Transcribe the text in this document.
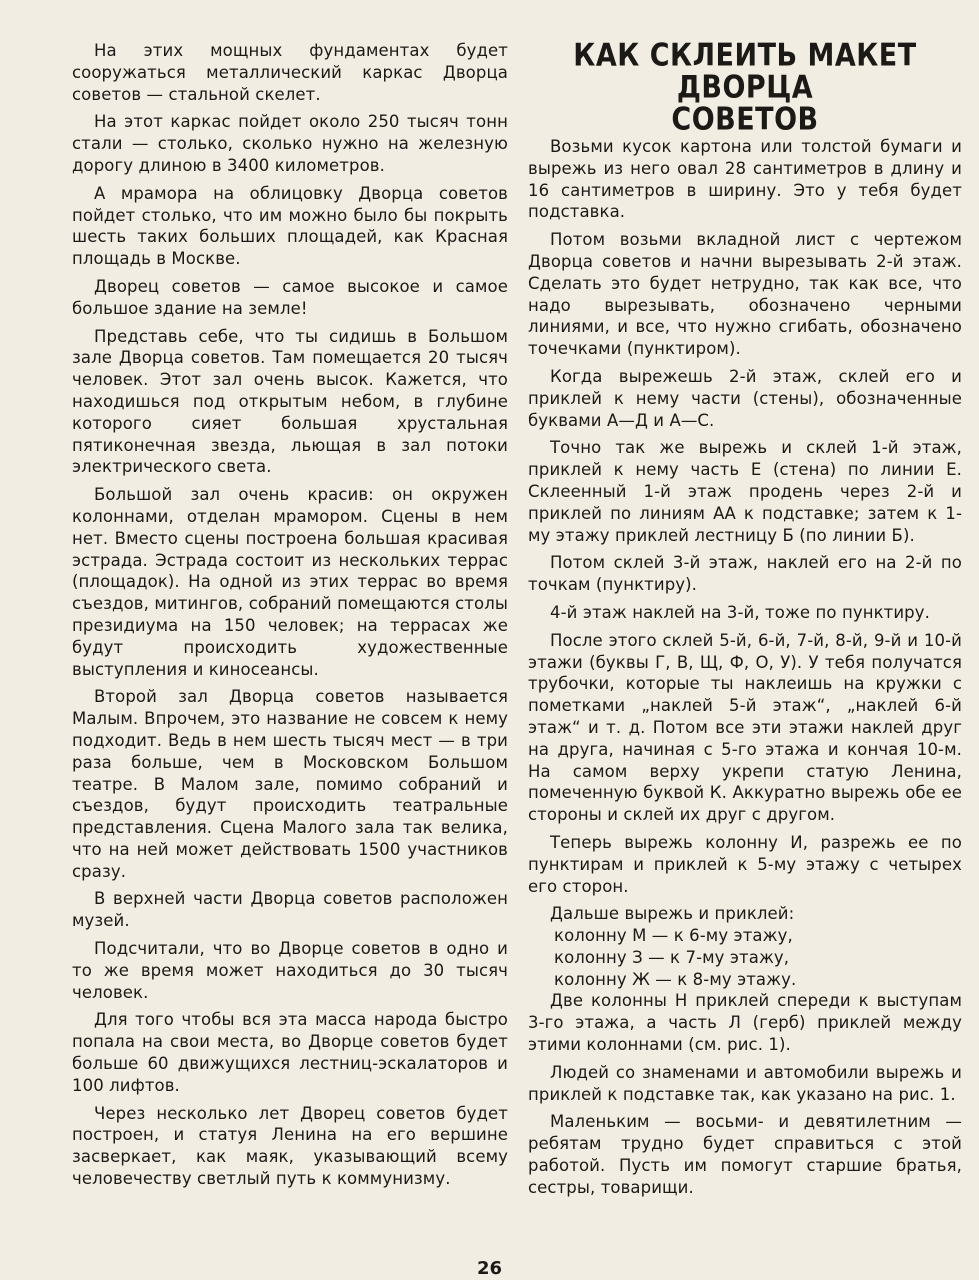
На этих мощных фундаментах будет сооружаться металлический каркас Дворца советов — стальной скелет.

На этот каркас пойдет около 250 тысяч тонн стали — столько, сколько нужно на железную дорогу длиною в 3400 километров.

А мрамора на облицовку Дворца советов пойдет столько, что им можно было бы покрыть шесть таких больших площадей, как Красная площадь в Москве.

Дворец советов — самое высокое и самое большое здание на земле!

Представь себе, что ты сидишь в Большом зале Дворца советов. Там помещается 20 тысяч человек. Этот зал очень высок. Кажется, что находишься под открытым небом, в глубине которого сияет большая хрустальная пятиконечная звезда, льющая в зал потоки электрического света.

Большой зал очень красив: он окружен колоннами, отделан мрамором. Сцены в нем нет. Вместо сцены построена большая красивая эстрада. Эстрада состоит из нескольких террас (площадок). На одной из этих террас во время съездов, митингов, собраний помещаются столы президиума на 150 человек; на террасах же будут происходить художественные выступления и киносеансы.

Второй зал Дворца советов называется Малым. Впрочем, это название не совсем к нему подходит. Ведь в нем шесть тысяч мест — в три раза больше, чем в Московском Большом театре. В Малом зале, помимо собраний и съездов, будут происходить театральные представления. Сцена Малого зала так велика, что на ней может действовать 1500 участников сразу.

В верхней части Дворца советов расположен музей.

Подсчитали, что во Дворце советов в одно и то же время может находиться до 30 тысяч человек.

Для того чтобы вся эта масса народа быстро попала на свои места, во Дворце советов будет больше 60 движущихся лестниц-эскалаторов и 100 лифтов.

Через несколько лет Дворец советов будет построен, и статуя Ленина на его вершине засверкает, как маяк, указывающий всему человечеству светлый путь к коммунизму.

КАК СКЛЕИТЬ МАКЕТ ДВОРЦА
СОВЕТОВ

Возьми кусок картона или толстой бумаги и вырежь из него овал 28 сантиметров в длину и 16 сантиметров в ширину. Это у тебя будет подставка.

Потом возьми вкладной лист с чертежом Дворца советов и начни вырезывать 2-й этаж. Сделать это будет нетрудно, так как все, что надо вырезывать, обозначено черными линиями, и все, что нужно сгибать, обозначено точечками (пунктиром).

Когда вырежешь 2-й этаж, склей его и приклей к нему части (стены), обозначенные буквами А—Д и А—С.

Точно так же вырежь и склей 1-й этаж, приклей к нему часть Е (стена) по линии Е. Склеенный 1-й этаж продень через 2-й и приклей по линиям АА к подставке; затем к 1-му этажу приклей лестницу Б (по линии Б).

Потом склей 3-й этаж, наклей его на 2-й по точкам (пунктиру).

4-й этаж наклей на 3-й, тоже по пунктиру.

После этого склей 5-й, 6-й, 7-й, 8-й, 9-й и 10-й этажи (буквы Г, В, Щ, Ф, О, У). У тебя получатся трубочки, которые ты наклеишь на кружки с пометками „наклей 5-й этаж“, „наклей 6-й этаж“ и т. д. Потом все эти этажи наклей друг на друга, начиная с 5-го этажа и кончая 10-м. На самом верху укрепи статую Ленина, помеченную буквой К. Аккуратно вырежь обе ее стороны и склей их друг с другом.

Теперь вырежь колонну И, разрежь ее по пунктирам и приклей к 5-му этажу с четырех его сторон.

Дальше вырежь и приклей:

колонну М — к 6-му этажу,

колонну З — к 7-му этажу,

колонну Ж — к 8-му этажу.

Две колонны Н приклей спереди к выступам 3-го этажа, а часть Л (герб) приклей между этими колоннами (см. рис. 1).

Людей со знаменами и автомобили вырежь и приклей к подставке так, как указано на рис. 1.

Маленьким — восьми- и девятилетним — ребятам трудно будет справиться с этой работой. Пусть им помогут старшие братья, сестры, товарищи.

26
